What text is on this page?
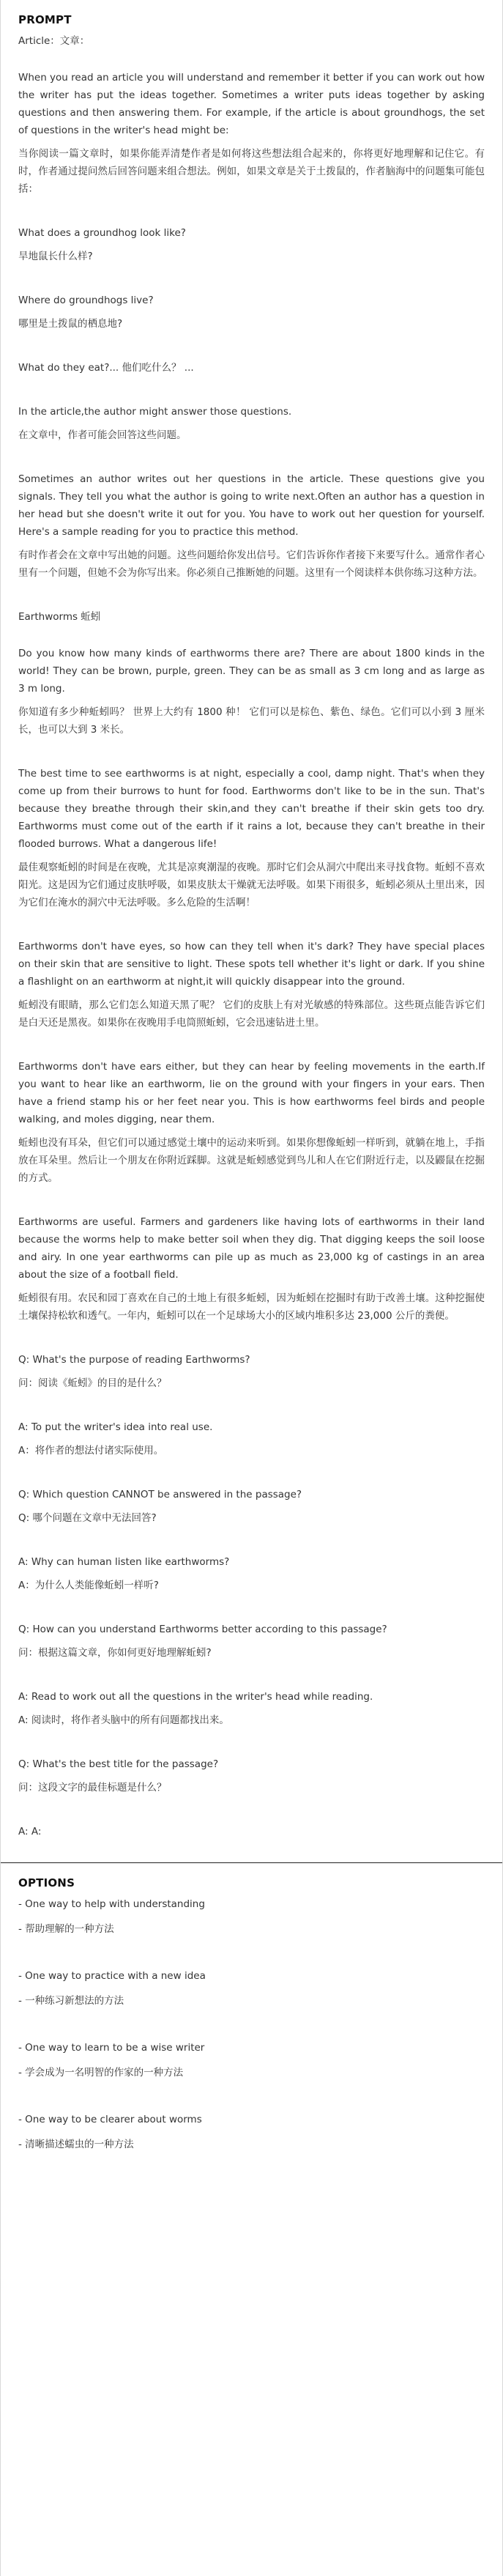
PROMPT

Article：文章：

When you read an article you will understand and remember it better if you can work out how the writer has put the ideas together. Sometimes a writer puts ideas together by asking questions and then answering them. For example, if the article is about groundhogs, the set of questions in the writer's head might be:

当你阅读一篇文章时，如果你能弄清楚作者是如何将这些想法组合起来的，你将更好地理解和记住它。有时，作者通过提问然后回答问题来组合想法。例如，如果文章是关于土拨鼠的，作者脑海中的问题集可能包括：

What does a groundhog look like?

旱地鼠长什么样?

Where do groundhogs live?

哪里是土拨鼠的栖息地?

What do they eat?... 他们吃什么？ ...

In the article,the author might answer those questions.

在文章中，作者可能会回答这些问题。

Sometimes an author writes out her questions in the article. These questions give you signals. They tell you what the author is going to write next.Often an author has a question in her head but she doesn't write it out for you. You have to work out her question for yourself. Here's a sample reading for you to practice this method.

有时作者会在文章中写出她的问题。这些问题给你发出信号。它们告诉你作者接下来要写什么。通常作者心里有一个问题，但她不会为你写出来。你必须自己推断她的问题。这里有一个阅读样本供你练习这种方法。

Earthworms 蚯蚓

Do you know how many kinds of earthworms there are? There are about 1800 kinds in the world! They can be brown, purple, green. They can be as small as 3 cm long and as large as 3 m long.

你知道有多少种蚯蚓吗？ 世界上大约有 1800 种！ 它们可以是棕色、紫色、绿色。它们可以小到 3 厘米长，也可以大到 3 米长。

The best time to see earthworms is at night, especially a cool, damp night. That's when they come up from their burrows to hunt for food. Earthworms don't like to be in the sun. That's because they breathe through their skin,and they can't breathe if their skin gets too dry. Earthworms must come out of the earth if it rains a lot, because they can't breathe in their flooded burrows. What a dangerous life!

最佳观察蚯蚓的时间是在夜晚，尤其是凉爽潮湿的夜晚。那时它们会从洞穴中爬出来寻找食物。蚯蚓不喜欢阳光。这是因为它们通过皮肤呼吸，如果皮肤太干燥就无法呼吸。如果下雨很多，蚯蚓必须从土里出来，因为它们在淹水的洞穴中无法呼吸。多么危险的生活啊！

Earthworms don't have eyes, so how can they tell when it's dark? They have special places on their skin that are sensitive to light. These spots tell whether it's light or dark. If you shine a flashlight on an earthworm at night,it will quickly disappear into the ground.

蚯蚓没有眼睛，那么它们怎么知道天黑了呢？ 它们的皮肤上有对光敏感的特殊部位。这些斑点能告诉它们是白天还是黑夜。如果你在夜晚用手电筒照蚯蚓，它会迅速钻进土里。

Earthworms don't have ears either, but they can hear by feeling movements in the earth.If you want to hear like an earthworm, lie on the ground with your fingers in your ears. Then have a friend stamp his or her feet near you. This is how earthworms feel birds and people walking, and moles digging, near them.

蚯蚓也没有耳朵，但它们可以通过感觉土壤中的运动来听到。如果你想像蚯蚓一样听到，就躺在地上，手指放在耳朵里。然后让一个朋友在你附近踩脚。这就是蚯蚓感觉到鸟儿和人在它们附近行走，以及鼹鼠在挖掘的方式。

Earthworms are useful. Farmers and gardeners like having lots of earthworms in their land because the worms help to make better soil when they dig. That digging keeps the soil loose and airy. In one year earthworms can pile up as much as 23,000 kg of castings in an area about the size of a football field.

蚯蚓很有用。农民和园丁喜欢在自己的土地上有很多蚯蚓，因为蚯蚓在挖掘时有助于改善土壤。这种挖掘使土壤保持松软和透气。一年内，蚯蚓可以在一个足球场大小的区域内堆积多达 23,000 公斤的粪便。

Q: What's the purpose of reading Earthworms?

问：阅读《蚯蚓》的目的是什么？

A: To put the writer's idea into real use.

A：将作者的想法付诸实际使用。

Q: Which question CANNOT be answered in the passage?

Q: 哪个问题在文章中无法回答?

A: Why can human listen like earthworms?

A：为什么人类能像蚯蚓一样听?

Q: How can you understand Earthworms better according to this passage?

问：根据这篇文章，你如何更好地理解蚯蚓?

A: Read to work out all the questions in the writer's head while reading.

A: 阅读时，将作者头脑中的所有问题都找出来。

Q: What's the best title for the passage?

问：这段文字的最佳标题是什么？

A: A:

OPTIONS

- One way to help with understanding

- 帮助理解的一种方法

- One way to practice with a new idea

- 一种练习新想法的方法

- One way to learn to be a wise writer

- 学会成为一名明智的作家的一种方法

- One way to be clearer about worms

- 清晰描述蠕虫的一种方法
